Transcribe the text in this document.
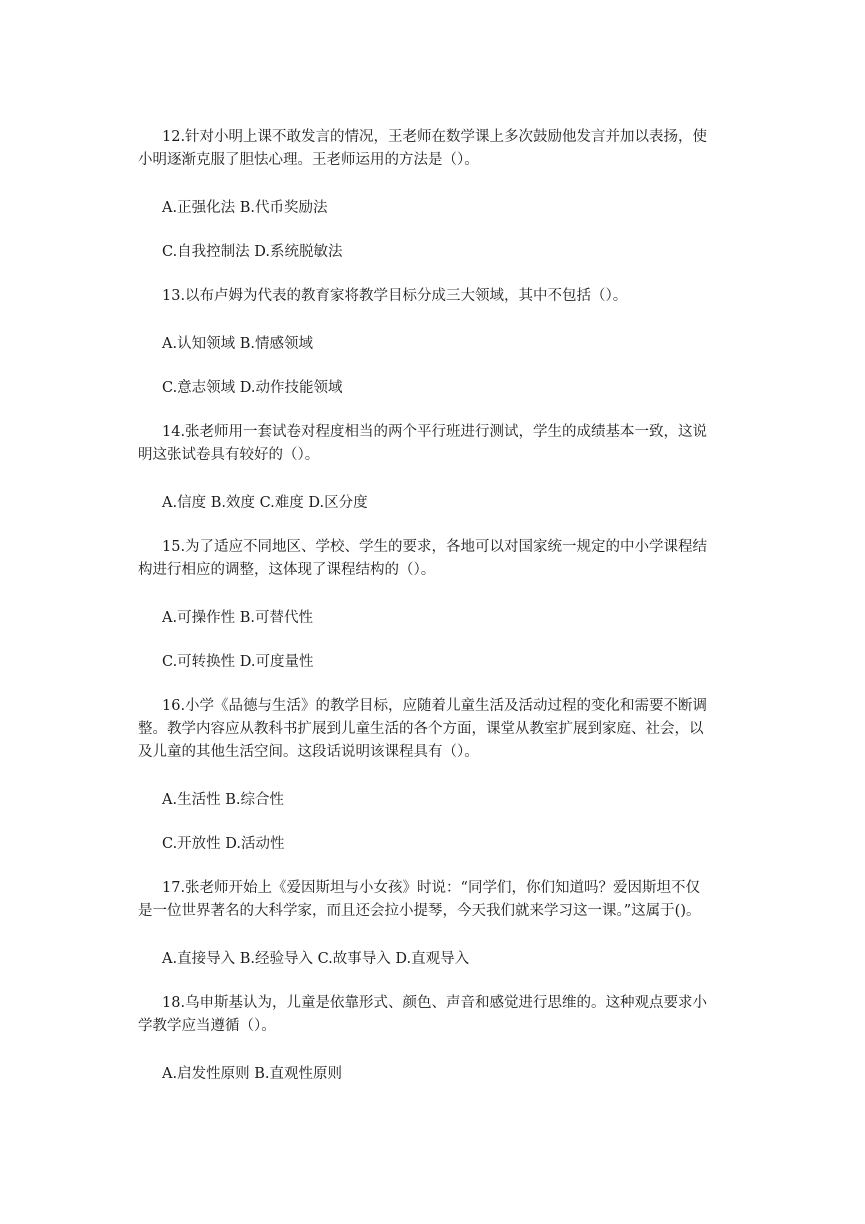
12.针对小明上课不敢发言的情况，王老师在数学课上多次鼓励他发言并加以表扬，使

小明逐渐克服了胆怯心理。王老师运用的方法是（）。

A.正强化法 B.代币奖励法

C.自我控制法 D.系统脱敏法

13.以布卢姆为代表的教育家将教学目标分成三大领域，其中不包括（）。

A.认知领域 B.情感领域

C.意志领域 D.动作技能领域

14.张老师用一套试卷对程度相当的两个平行班进行测试，学生的成绩基本一致，这说

明这张试卷具有较好的（）。

A.信度 B.效度 C.难度 D.区分度

15.为了适应不同地区、学校、学生的要求，各地可以对国家统一规定的中小学课程结

构进行相应的调整，这体现了课程结构的（）。

A.可操作性 B.可替代性

C.可转换性 D.可度量性

16.小学《品德与生活》的教学目标，应随着儿童生活及活动过程的变化和需要不断调

整。教学内容应从教科书扩展到儿童生活的各个方面，课堂从教室扩展到家庭、社会，以

及儿童的其他生活空间。这段话说明该课程具有（）。

A.生活性 B.综合性

C.开放性 D.活动性

17.张老师开始上《爱因斯坦与小女孩》时说：“同学们，你们知道吗？爱因斯坦不仅

是一位世界著名的大科学家，而且还会拉小提琴，今天我们就来学习这一课。”这属于()。

A.直接导入 B.经验导入 C.故事导入 D.直观导入

18.乌申斯基认为，儿童是依靠形式、颜色、声音和感觉进行思维的。这种观点要求小

学教学应当遵循（）。

A.启发性原则 B.直观性原则
